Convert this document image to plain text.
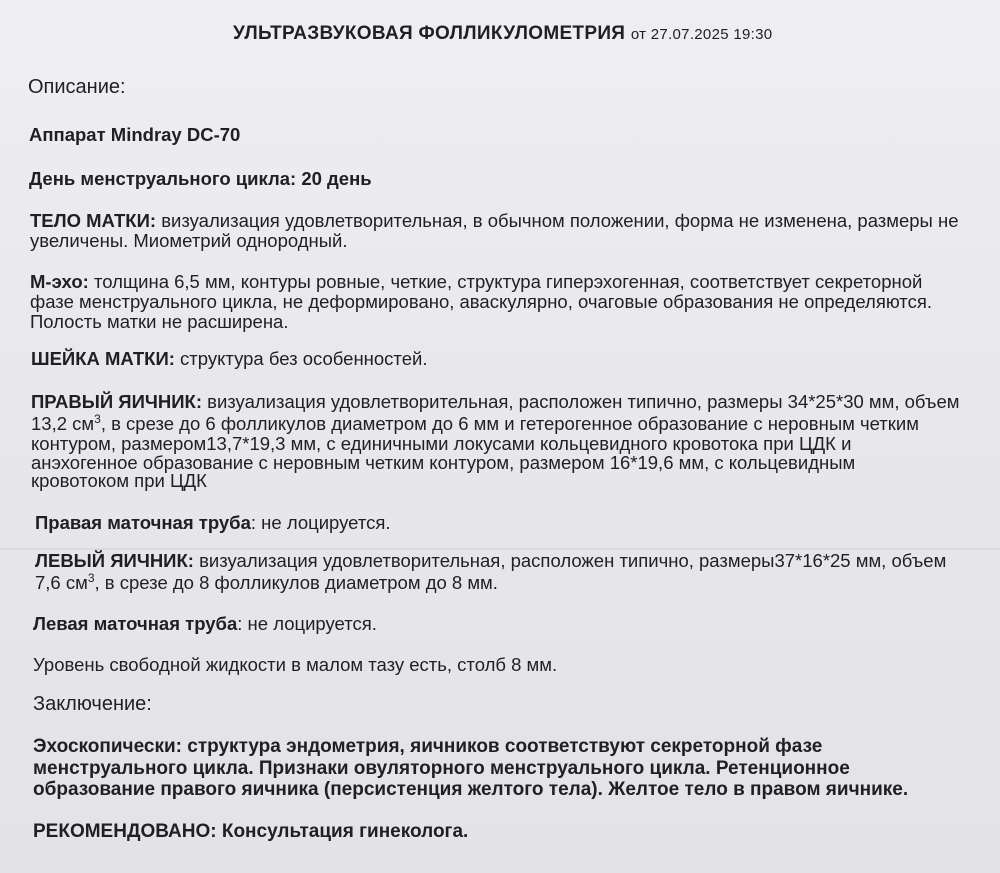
УЛЬТРАЗВУКОВАЯ ФОЛЛИКУЛОМЕТРИЯ от 27.07.2025 19:30
Описание:
Аппарат Mindray DC-70
День менструального цикла: 20 день
ТЕЛО МАТКИ: визуализация удовлетворительная, в обычном положении, форма не изменена, размеры не
увеличены. Миометрий однородный.
М-эхо: толщина 6,5 мм, контуры ровные, четкие, структура гиперэхогенная, соответствует секреторной
фазе менструального цикла, не деформировано, аваскулярно, очаговые образования не определяются.
Полость матки не расширена.
ШЕЙКА МАТКИ: структура без особенностей.
ПРАВЫЙ ЯИЧНИК: визуализация удовлетворительная, расположен типично, размеры 34*25*30 мм, объем
13,2 $см^3$, в срезе до 6 фолликулов диаметром до 6 мм и гетерогенное образование с неровным четким
контуром, размером13,7*19,3 мм, с единичными локусами кольцевидного кровотока при ЦДК и
анэхогенное образование с неровным четким контуром, размером 16*19,6 мм, с кольцевидным
кровотоком при ЦДК
Правая маточная труба: не лоцируется.
ЛЕВЫЙ ЯИЧНИК: визуализация удовлетворительная, расположен типично, размеры37*16*25 мм, объем
7,6 $см^3$, в срезе до 8 фолликулов диаметром до 8 мм.
Левая маточная труба: не лоцируется.
Уровень свободной жидкости в малом тазу есть, столб 8 мм.
Заключение:
Эхоскопически: структура эндометрия, яичников соответствуют секреторной фазе
менструального цикла. Признаки овуляторного менструального цикла. Ретенционное
образование правого яичника (персистенция желтого тела). Желтое тело в правом яичнике.
РЕКОМЕНДОВАНО: Консультация гинеколога.
